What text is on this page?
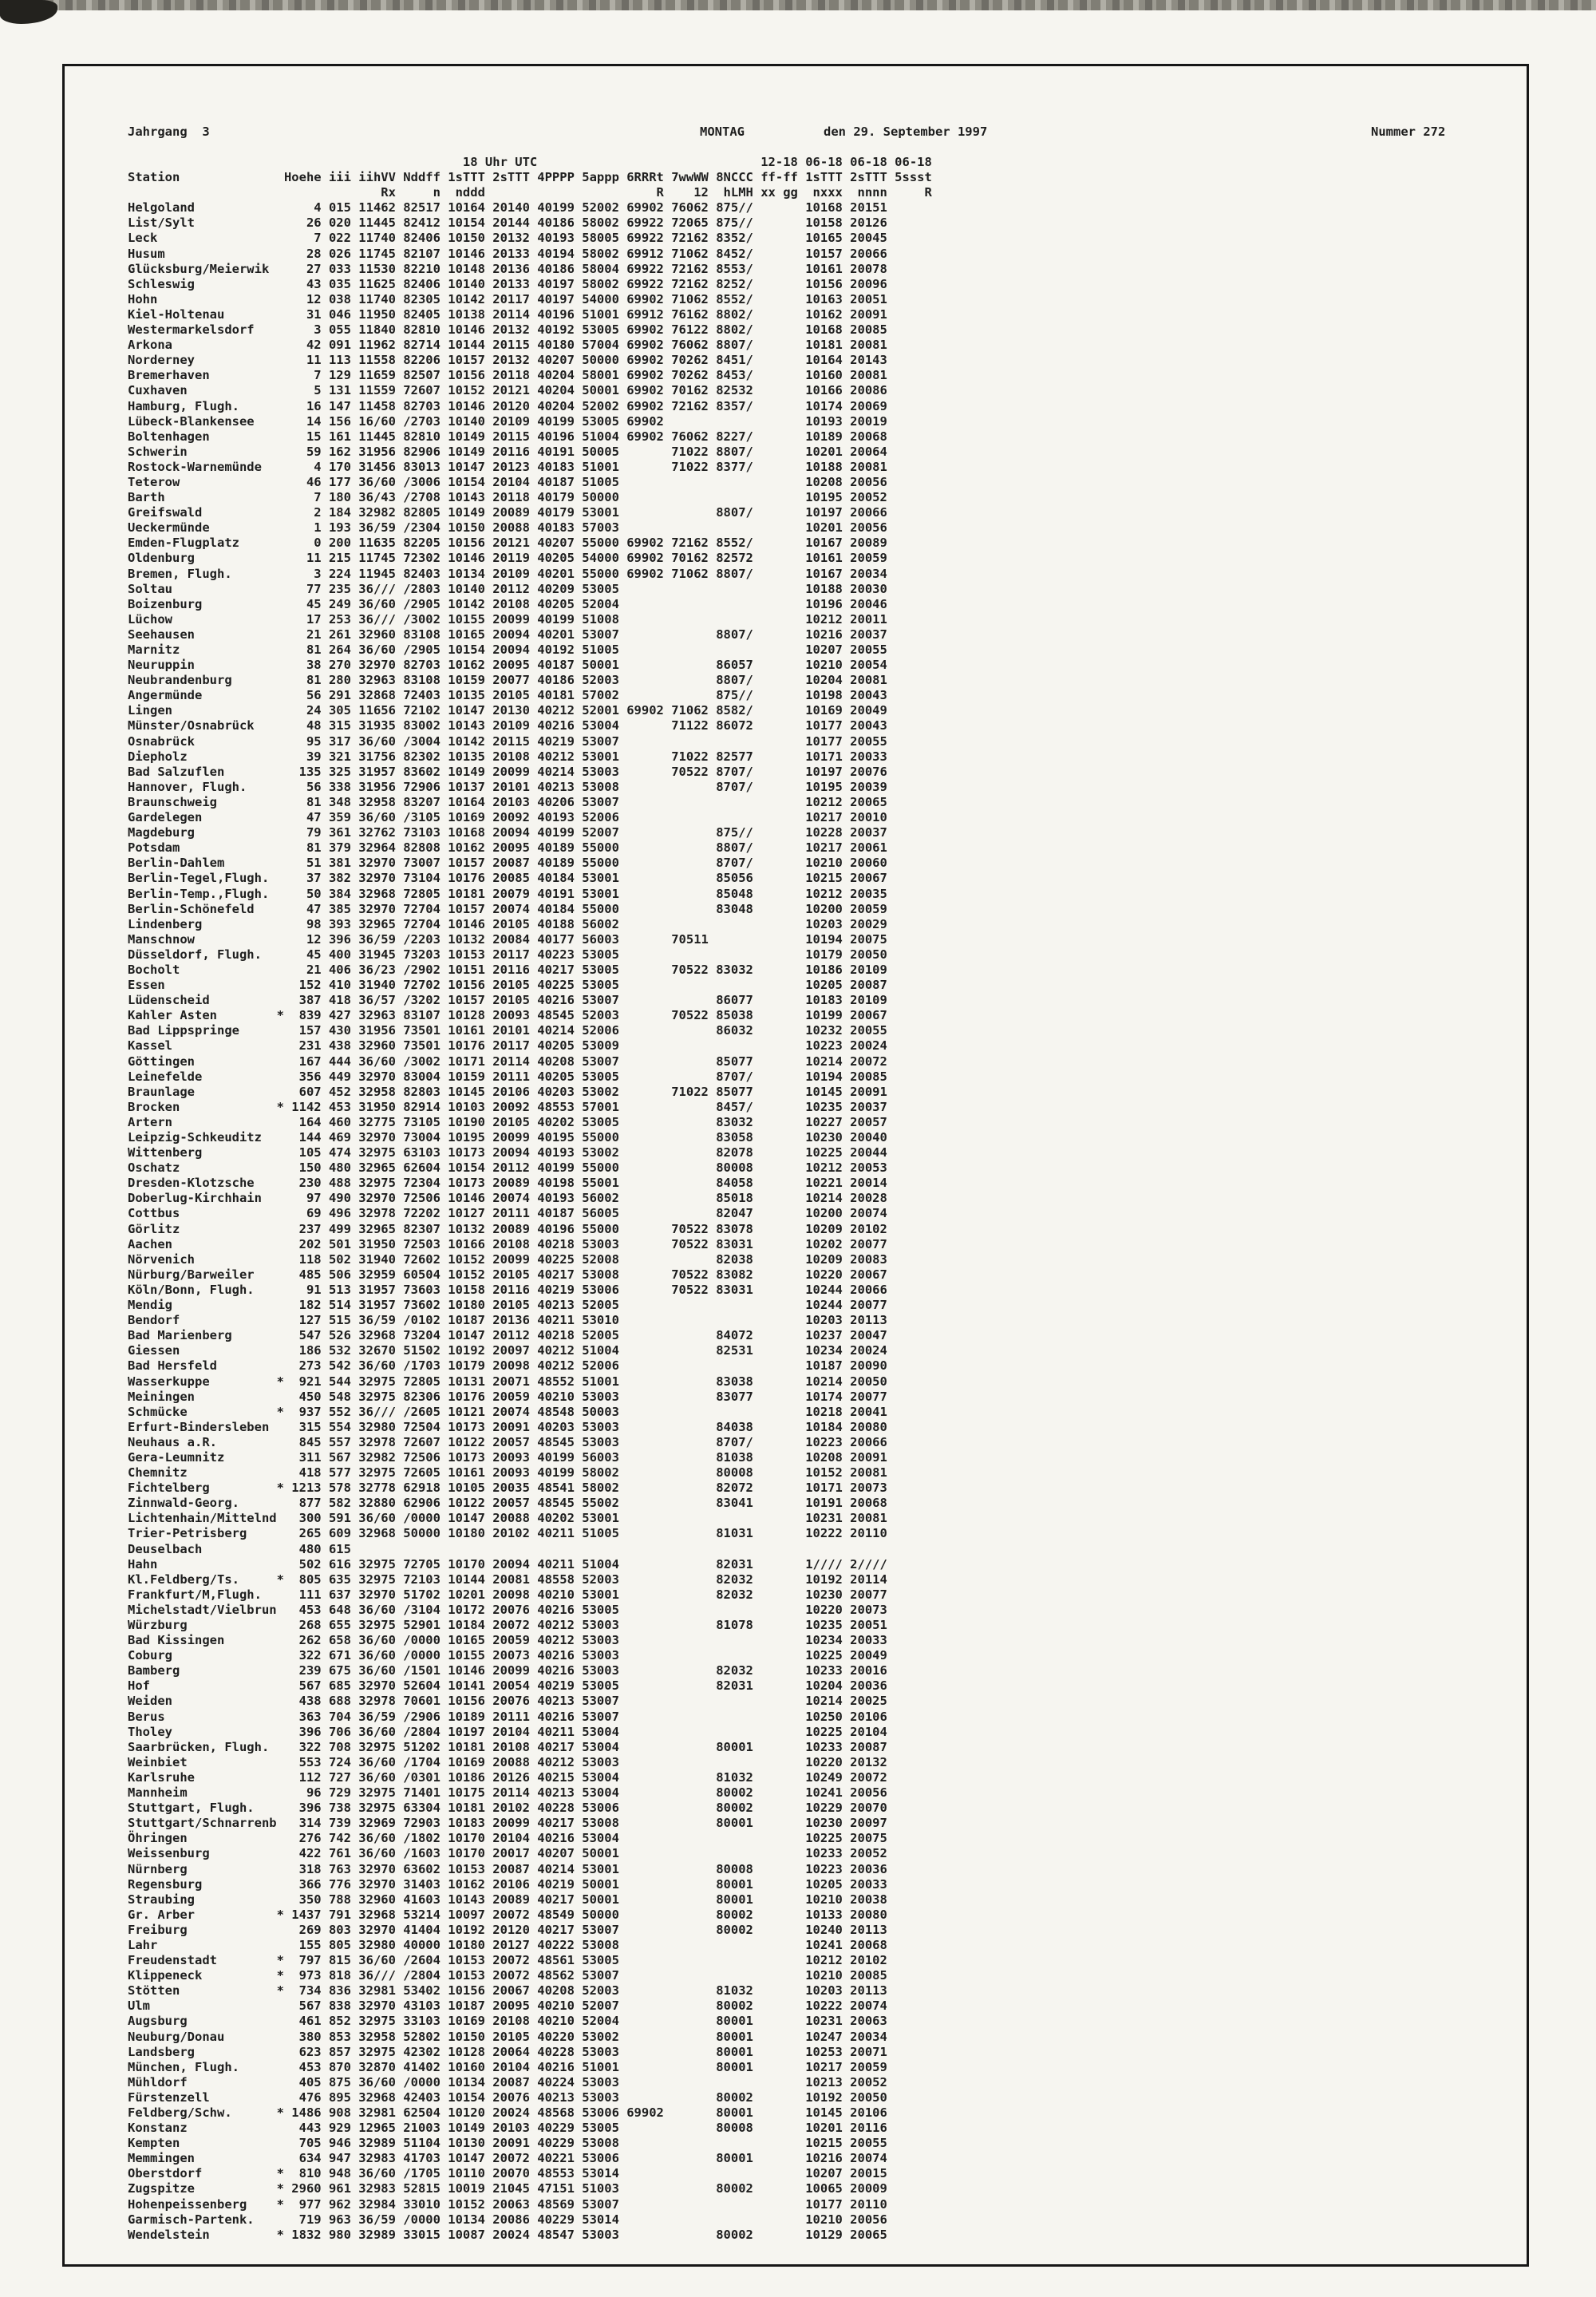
Jahrgang  3	MONTAG	den 29. September 1997	Nummer 272
18 Uhr UTC                              12-18 06-18 06-18 06-18
Station              Hoehe iii iihVV Nddff 1sTTT 2sTTT 4PPPP 5appp 6RRRt 7wwWW 8NCCC ff-ff 1sTTT 2sTTT 5ssst
Rx     n  nddd                       R    12  hLMH xx gg  nxxx  nnnn     R
Helgoland                4 015 11462 82517 10164 20140 40199 52002 69902 76062 875//       10168 20151
List/Sylt               26 020 11445 82412 10154 20144 40186 58002 69922 72065 875//       10158 20126
Leck                     7 022 11740 82406 10150 20132 40193 58005 69922 72162 8352/       10165 20045
Husum                   28 026 11745 82107 10146 20133 40194 58002 69912 71062 8452/       10157 20066
Glücksburg/Meierwik     27 033 11530 82210 10148 20136 40186 58004 69922 72162 8553/       10161 20078
Schleswig               43 035 11625 82406 10140 20133 40197 58002 69922 72162 8252/       10156 20096
Hohn                    12 038 11740 82305 10142 20117 40197 54000 69902 71062 8552/       10163 20051
Kiel-Holtenau           31 046 11950 82405 10138 20114 40196 51001 69912 76162 8802/       10162 20091
Westermarkelsdorf        3 055 11840 82810 10146 20132 40192 53005 69902 76122 8802/       10168 20085
Arkona                  42 091 11962 82714 10144 20115 40180 57004 69902 76062 8807/       10181 20081
Norderney               11 113 11558 82206 10157 20132 40207 50000 69902 70262 8451/       10164 20143
Bremerhaven              7 129 11659 82507 10156 20118 40204 58001 69902 70262 8453/       10160 20081
Cuxhaven                 5 131 11559 72607 10152 20121 40204 50001 69902 70162 82532       10166 20086
Hamburg, Flugh.         16 147 11458 82703 10146 20120 40204 52002 69902 72162 8357/       10174 20069
Lübeck-Blankensee       14 156 16/60 /2703 10140 20109 40199 53005 69902                   10193 20019
Boltenhagen             15 161 11445 82810 10149 20115 40196 51004 69902 76062 8227/       10189 20068
Schwerin                59 162 31956 82906 10149 20116 40191 50005       71022 8807/       10201 20064
Rostock-Warnemünde       4 170 31456 83013 10147 20123 40183 51001       71022 8377/       10188 20081
Teterow                 46 177 36/60 /3006 10154 20104 40187 51005                         10208 20056
Barth                    7 180 36/43 /2708 10143 20118 40179 50000                         10195 20052
Greifswald               2 184 32982 82805 10149 20089 40179 53001             8807/       10197 20066
Ueckermünde              1 193 36/59 /2304 10150 20088 40183 57003                         10201 20056
Emden-Flugplatz          0 200 11635 82205 10156 20121 40207 55000 69902 72162 8552/       10167 20089
Oldenburg               11 215 11745 72302 10146 20119 40205 54000 69902 70162 82572       10161 20059
Bremen, Flugh.           3 224 11945 82403 10134 20109 40201 55000 69902 71062 8807/       10167 20034
Soltau                  77 235 36/// /2803 10140 20112 40209 53005                         10188 20030
Boizenburg              45 249 36/60 /2905 10142 20108 40205 52004                         10196 20046
Lüchow                  17 253 36/// /3002 10155 20099 40199 51008                         10212 20011
Seehausen               21 261 32960 83108 10165 20094 40201 53007             8807/       10216 20037
Marnitz                 81 264 36/60 /2905 10154 20094 40192 51005                         10207 20055
Neuruppin               38 270 32970 82703 10162 20095 40187 50001             86057       10210 20054
Neubrandenburg          81 280 32963 83108 10159 20077 40186 52003             8807/       10204 20081
Angermünde              56 291 32868 72403 10135 20105 40181 57002             875//       10198 20043
Lingen                  24 305 11656 72102 10147 20130 40212 52001 69902 71062 8582/       10169 20049
Münster/Osnabrück       48 315 31935 83002 10143 20109 40216 53004       71122 86072       10177 20043
Osnabrück               95 317 36/60 /3004 10142 20115 40219 53007                         10177 20055
Diepholz                39 321 31756 82302 10135 20108 40212 53001       71022 82577       10171 20033
Bad Salzuflen          135 325 31957 83602 10149 20099 40214 53003       70522 8707/       10197 20076
Hannover, Flugh.        56 338 31956 72906 10137 20101 40213 53008             8707/       10195 20039
Braunschweig            81 348 32958 83207 10164 20103 40206 53007                         10212 20065
Gardelegen              47 359 36/60 /3105 10169 20092 40193 52006                         10217 20010
Magdeburg               79 361 32762 73103 10168 20094 40199 52007             875//       10228 20037
Potsdam                 81 379 32964 82808 10162 20095 40189 55000             8807/       10217 20061
Berlin-Dahlem           51 381 32970 73007 10157 20087 40189 55000             8707/       10210 20060
Berlin-Tegel,Flugh.     37 382 32970 73104 10176 20085 40184 53001             85056       10215 20067
Berlin-Temp.,Flugh.     50 384 32968 72805 10181 20079 40191 53001             85048       10212 20035
Berlin-Schönefeld       47 385 32970 72704 10157 20074 40184 55000             83048       10200 20059
Lindenberg              98 393 32965 72704 10146 20105 40188 56002                         10203 20029
Manschnow               12 396 36/59 /2203 10132 20084 40177 56003       70511             10194 20075
Düsseldorf, Flugh.      45 400 31945 73203 10153 20117 40223 53005                         10179 20050
Bocholt                 21 406 36/23 /2902 10151 20116 40217 53005       70522 83032       10186 20109
Essen                  152 410 31940 72702 10156 20105 40225 53005                         10205 20087
Lüdenscheid            387 418 36/57 /3202 10157 20105 40216 53007             86077       10183 20109
Kahler Asten        *  839 427 32963 83107 10128 20093 48545 52003       70522 85038       10199 20067
Bad Lippspringe        157 430 31956 73501 10161 20101 40214 52006             86032       10232 20055
Kassel                 231 438 32960 73501 10176 20117 40205 53009                         10223 20024
Göttingen              167 444 36/60 /3002 10171 20114 40208 53007             85077       10214 20072
Leinefelde             356 449 32970 83004 10159 20111 40205 53005             8707/       10194 20085
Braunlage              607 452 32958 82803 10145 20106 40203 53002       71022 85077       10145 20091
Brocken             * 1142 453 31950 82914 10103 20092 48553 57001             8457/       10235 20037
Artern                 164 460 32775 73105 10190 20105 40202 53005             83032       10227 20057
Leipzig-Schkeuditz     144 469 32970 73004 10195 20099 40195 55000             83058       10230 20040
Wittenberg             105 474 32975 63103 10173 20094 40193 53002             82078       10225 20044
Oschatz                150 480 32965 62604 10154 20112 40199 55000             80008       10212 20053
Dresden-Klotzsche      230 488 32975 72304 10173 20089 40198 55001             84058       10221 20014
Doberlug-Kirchhain      97 490 32970 72506 10146 20074 40193 56002             85018       10214 20028
Cottbus                 69 496 32978 72202 10127 20111 40187 56005             82047       10200 20074
Görlitz                237 499 32965 82307 10132 20089 40196 55000       70522 83078       10209 20102
Aachen                 202 501 31950 72503 10166 20108 40218 53003       70522 83031       10202 20077
Nörvenich              118 502 31940 72602 10152 20099 40225 52008             82038       10209 20083
Nürburg/Barweiler      485 506 32959 60504 10152 20105 40217 53008       70522 83082       10220 20067
Köln/Bonn, Flugh.       91 513 31957 73603 10158 20116 40219 53006       70522 83031       10244 20066
Mendig                 182 514 31957 73602 10180 20105 40213 52005                         10244 20077
Bendorf                127 515 36/59 /0102 10187 20136 40211 53010                         10203 20113
Bad Marienberg         547 526 32968 73204 10147 20112 40218 52005             84072       10237 20047
Giessen                186 532 32670 51502 10192 20097 40212 51004             82531       10234 20024
Bad Hersfeld           273 542 36/60 /1703 10179 20098 40212 52006                         10187 20090
Wasserkuppe         *  921 544 32975 72805 10131 20071 48552 51001             83038       10214 20050
Meiningen              450 548 32975 82306 10176 20059 40210 53003             83077       10174 20077
Schmücke            *  937 552 36/// /2605 10121 20074 48548 50003                         10218 20041
Erfurt-Bindersleben    315 554 32980 72504 10173 20091 40203 53003             84038       10184 20080
Neuhaus a.R.           845 557 32978 72607 10122 20057 48545 53003             8707/       10223 20066
Gera-Leumnitz          311 567 32982 72506 10173 20093 40199 56003             81038       10208 20091
Chemnitz               418 577 32975 72605 10161 20093 40199 58002             80008       10152 20081
Fichtelberg         * 1213 578 32778 62918 10105 20035 48541 58002             82072       10171 20073
Zinnwald-Georg.        877 582 32880 62906 10122 20057 48545 55002             83041       10191 20068
Lichtenhain/Mittelnd   300 591 36/60 /0000 10147 20088 40202 53001                         10231 20081
Trier-Petrisberg       265 609 32968 50000 10180 20102 40211 51005             81031       10222 20110
Deuselbach             480 615
Hahn                   502 616 32975 72705 10170 20094 40211 51004             82031       1//// 2////
Kl.Feldberg/Ts.     *  805 635 32975 72103 10144 20081 48558 52003             82032       10192 20114
Frankfurt/M,Flugh.     111 637 32970 51702 10201 20098 40210 53001             82032       10230 20077
Michelstadt/Vielbrun   453 648 36/60 /3104 10172 20076 40216 53005                         10220 20073
Würzburg               268 655 32975 52901 10184 20072 40212 53003             81078       10235 20051
Bad Kissingen          262 658 36/60 /0000 10165 20059 40212 53003                         10234 20033
Coburg                 322 671 36/60 /0000 10155 20073 40216 53003                         10225 20049
Bamberg                239 675 36/60 /1501 10146 20099 40216 53003             82032       10233 20016
Hof                    567 685 32970 52604 10141 20054 40219 53005             82031       10204 20036
Weiden                 438 688 32978 70601 10156 20076 40213 53007                         10214 20025
Berus                  363 704 36/59 /2906 10189 20111 40216 53007                         10250 20106
Tholey                 396 706 36/60 /2804 10197 20104 40211 53004                         10225 20104
Saarbrücken, Flugh.    322 708 32975 51202 10181 20108 40217 53004             80001       10233 20087
Weinbiet               553 724 36/60 /1704 10169 20088 40212 53003                         10220 20132
Karlsruhe              112 727 36/60 /0301 10186 20126 40215 53004             81032       10249 20072
Mannheim                96 729 32975 71401 10175 20114 40213 53004             80002       10241 20056
Stuttgart, Flugh.      396 738 32975 63304 10181 20102 40228 53006             80002       10229 20070
Stuttgart/Schnarrenb   314 739 32969 72903 10183 20099 40217 53008             80001       10230 20097
Öhringen               276 742 36/60 /1802 10170 20104 40216 53004                         10225 20075
Weissenburg            422 761 36/60 /1603 10170 20017 40207 50001                         10233 20052
Nürnberg               318 763 32970 63602 10153 20087 40214 53001             80008       10223 20036
Regensburg             366 776 32970 31403 10162 20106 40219 50001             80001       10205 20033
Straubing              350 788 32960 41603 10143 20089 40217 50001             80001       10210 20038
Gr. Arber           * 1437 791 32968 53214 10097 20072 48549 50000             80002       10133 20080
Freiburg               269 803 32970 41404 10192 20120 40217 53007             80002       10240 20113
Lahr                   155 805 32980 40000 10180 20127 40222 53008                         10241 20068
Freudenstadt        *  797 815 36/60 /2604 10153 20072 48561 53005                         10212 20102
Klippeneck          *  973 818 36/// /2804 10153 20072 48562 53007                         10210 20085
Stötten             *  734 836 32981 53402 10156 20067 40208 52003             81032       10203 20113
Ulm                    567 838 32970 43103 10187 20095 40210 52007             80002       10222 20074
Augsburg               461 852 32975 33103 10169 20108 40210 52004             80001       10231 20063
Neuburg/Donau          380 853 32958 52802 10150 20105 40220 53002             80001       10247 20034
Landsberg              623 857 32975 42302 10128 20064 40228 53003             80001       10253 20071
München, Flugh.        453 870 32870 41402 10160 20104 40216 51001             80001       10217 20059
Mühldorf               405 875 36/60 /0000 10134 20087 40224 53003                         10213 20052
Fürstenzell            476 895 32968 42403 10154 20076 40213 53003             80002       10192 20050
Feldberg/Schw.      * 1486 908 32981 62504 10120 20024 48568 53006 69902       80001       10145 20106
Konstanz               443 929 12965 21003 10149 20103 40229 53005             80008       10201 20116
Kempten                705 946 32989 51104 10130 20091 40229 53008                         10215 20055
Memmingen              634 947 32983 41703 10147 20072 40221 53006             80001       10216 20074
Oberstdorf          *  810 948 36/60 /1705 10110 20070 48553 53014                         10207 20015
Zugspitze           * 2960 961 32983 52815 10019 21045 47151 51003             80002       10065 20009
Hohenpeissenberg    *  977 962 32984 33010 10152 20063 48569 53007                         10177 20110
Garmisch-Partenk.      719 963 36/59 /0000 10134 20086 40229 53014                         10210 20056
Wendelstein         * 1832 980 32989 33015 10087 20024 48547 53003             80002       10129 20065
